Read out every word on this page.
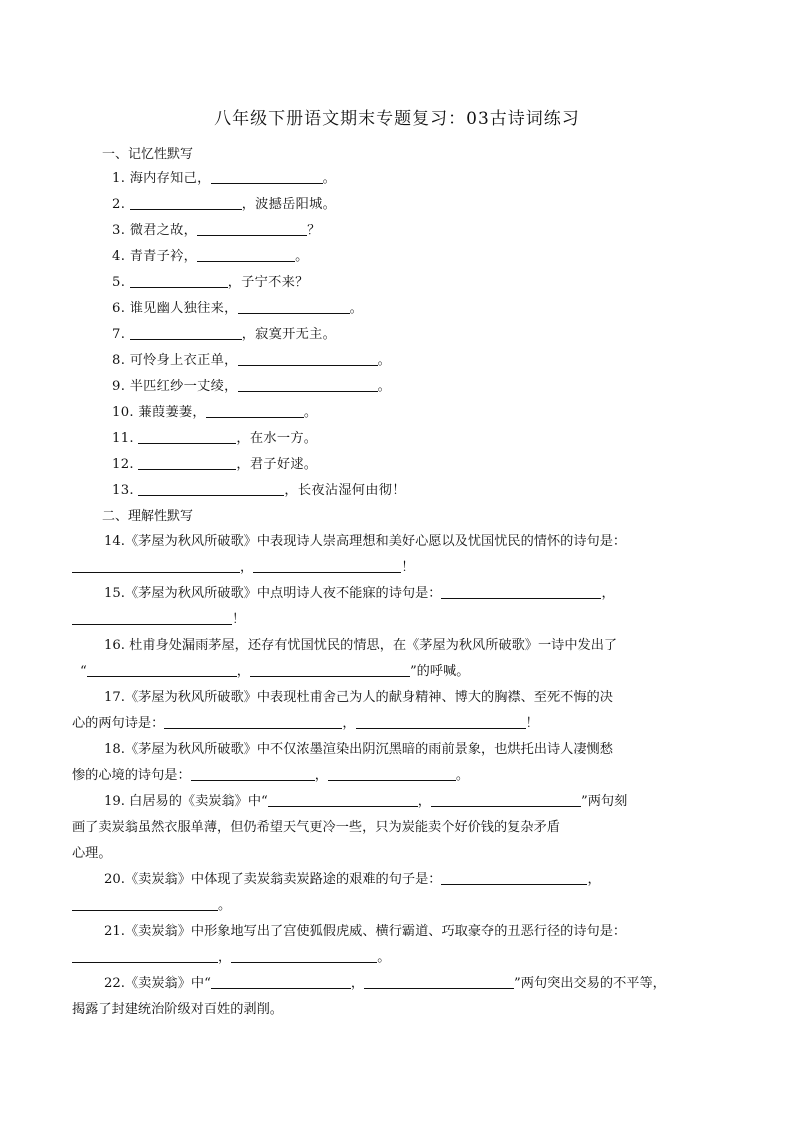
八年级下册语文期末专题复习：03古诗词练习
一、记忆性默写
1. 海内存知己，	。
2.	，波撼岳阳城。
3. 微君之故，	？
4. 青青子衿，	。
5.	，子宁不来？
6. 谁见幽人独往来，	。
7.	，寂寞开无主。
8. 可怜身上衣正单，	。
9. 半匹红纱一丈绫，	。
10. 蒹葭萋萋，	。
11.	，在水一方。
12.	，君子好逑。
13.	，长夜沾湿何由彻！
二、理解性默写
14.《茅屋为秋风所破歌》中表现诗人崇高理想和美好心愿以及忧国忧民的情怀的诗句是：
，	！
15.《茅屋为秋风所破歌》中点明诗人夜不能寐的诗句是：	，
！
16. 杜甫身处漏雨茅屋，还存有忧国忧民的情思，在《茅屋为秋风所破歌》一诗中发出了
“	，	”的呼喊。
17.《茅屋为秋风所破歌》中表现杜甫舍己为人的献身精神、博大的胸襟、至死不悔的决
心的两句诗是：	，	！
18.《茅屋为秋风所破歌》中不仅浓墨渲染出阴沉黑暗的雨前景象，也烘托出诗人凄恻愁
惨的心境的诗句是：	，	。
19. 白居易的《卖炭翁》中“	，	”两句刻
画了卖炭翁虽然衣服单薄，但仍希望天气更冷一些，只为炭能卖个好价钱的复杂矛盾
心理。
20.《卖炭翁》中体现了卖炭翁卖炭路途的艰难的句子是：	，
。
21.《卖炭翁》中形象地写出了宫使狐假虎威、横行霸道、巧取豪夺的丑恶行径的诗句是：
，	。
22.《卖炭翁》中“	，	”两句突出交易的不平等，
揭露了封建统治阶级对百姓的剥削。
